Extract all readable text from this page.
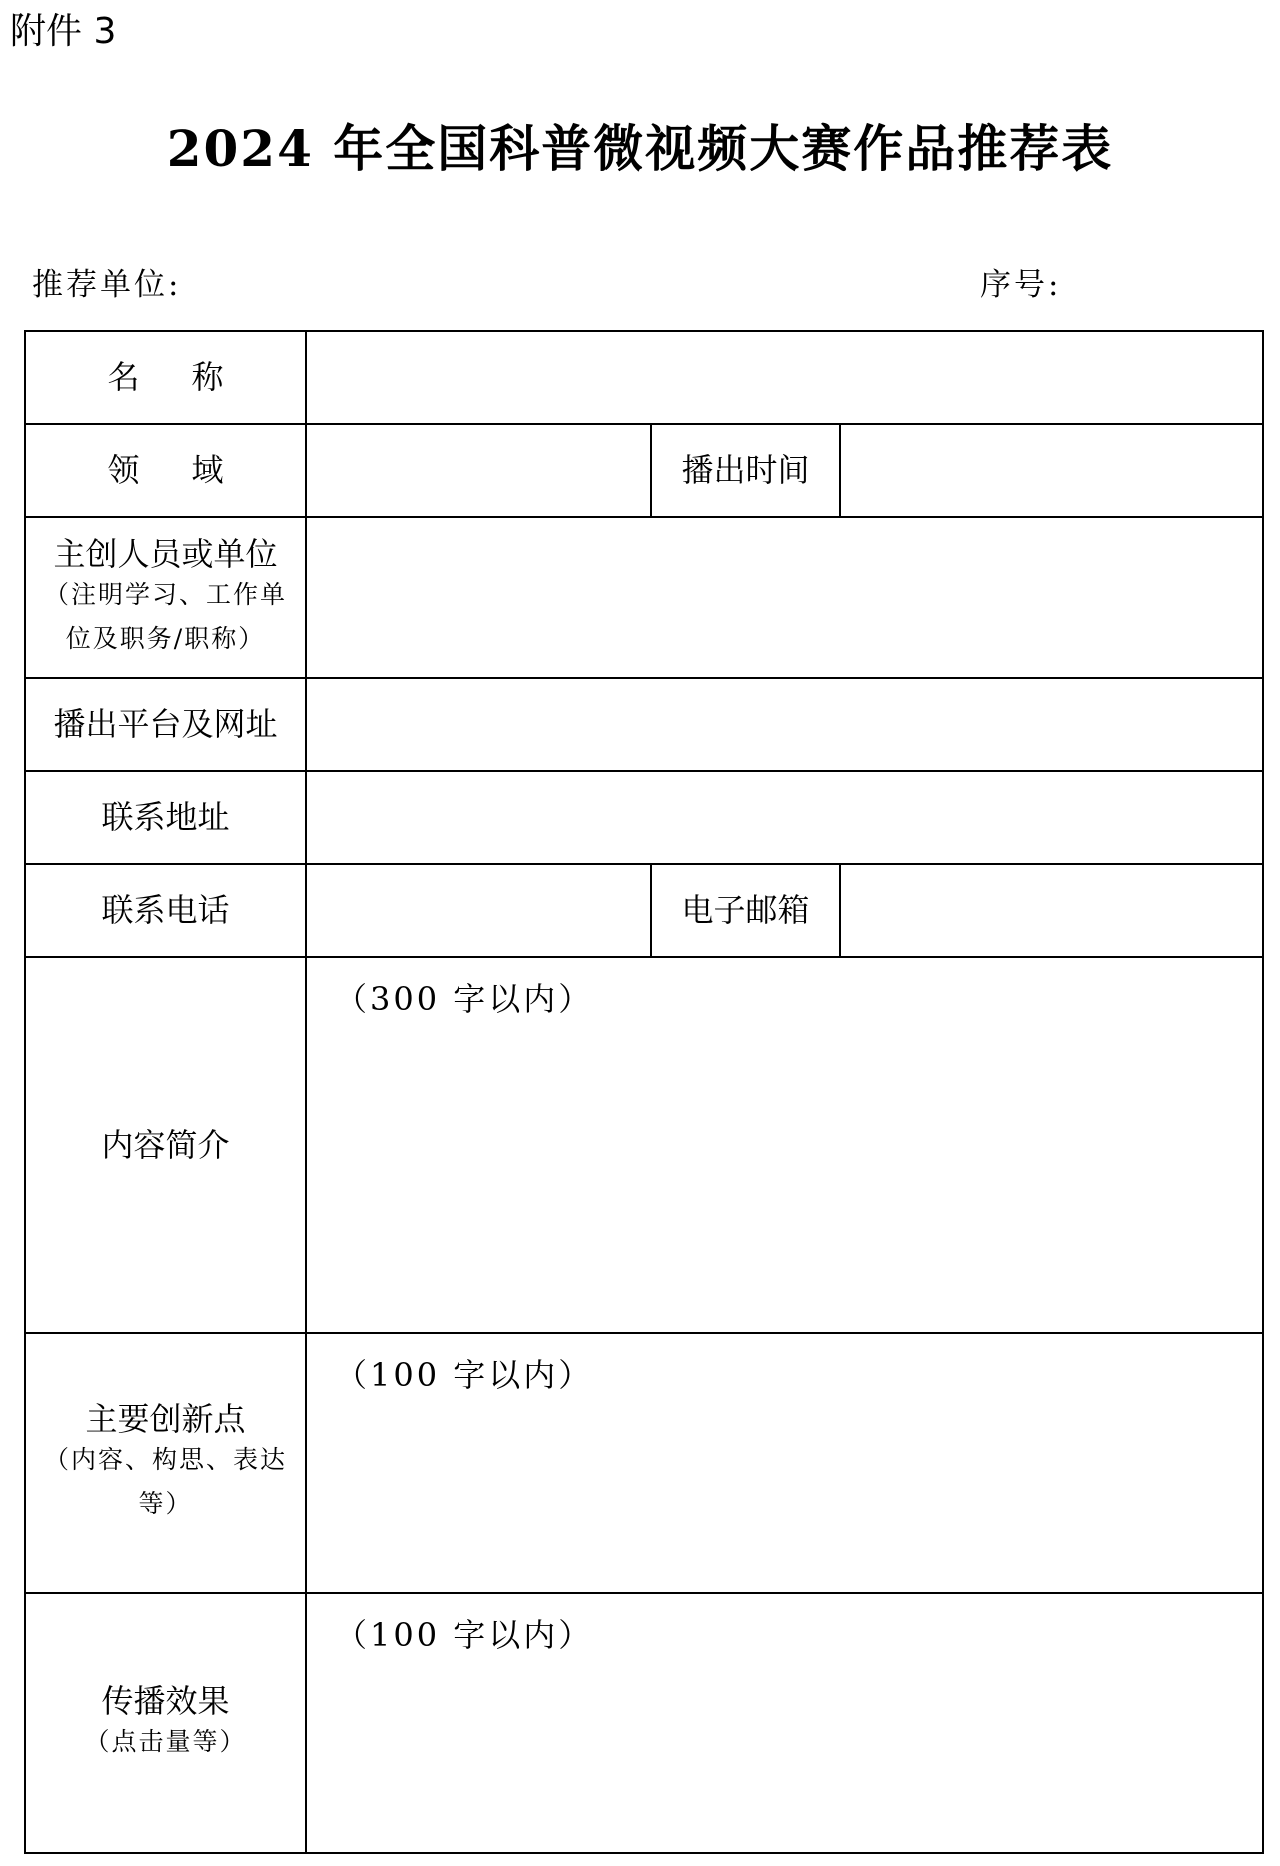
附件 3
2024 年全国科普微视频大赛作品推荐表
推荐单位:	序号:
名 称			
领 域		播出时间	

主创人员或单位
（注明学习、工作单
位及职务/职称）			

播出平台及网址			
联系地址			
联系电话		电子邮箱	
内容简介	（300 字以内）		

主要创新点
（内容、构思、表达等）	（100 字以内）		

传播效果
（点击量等）	（100 字以内）		
